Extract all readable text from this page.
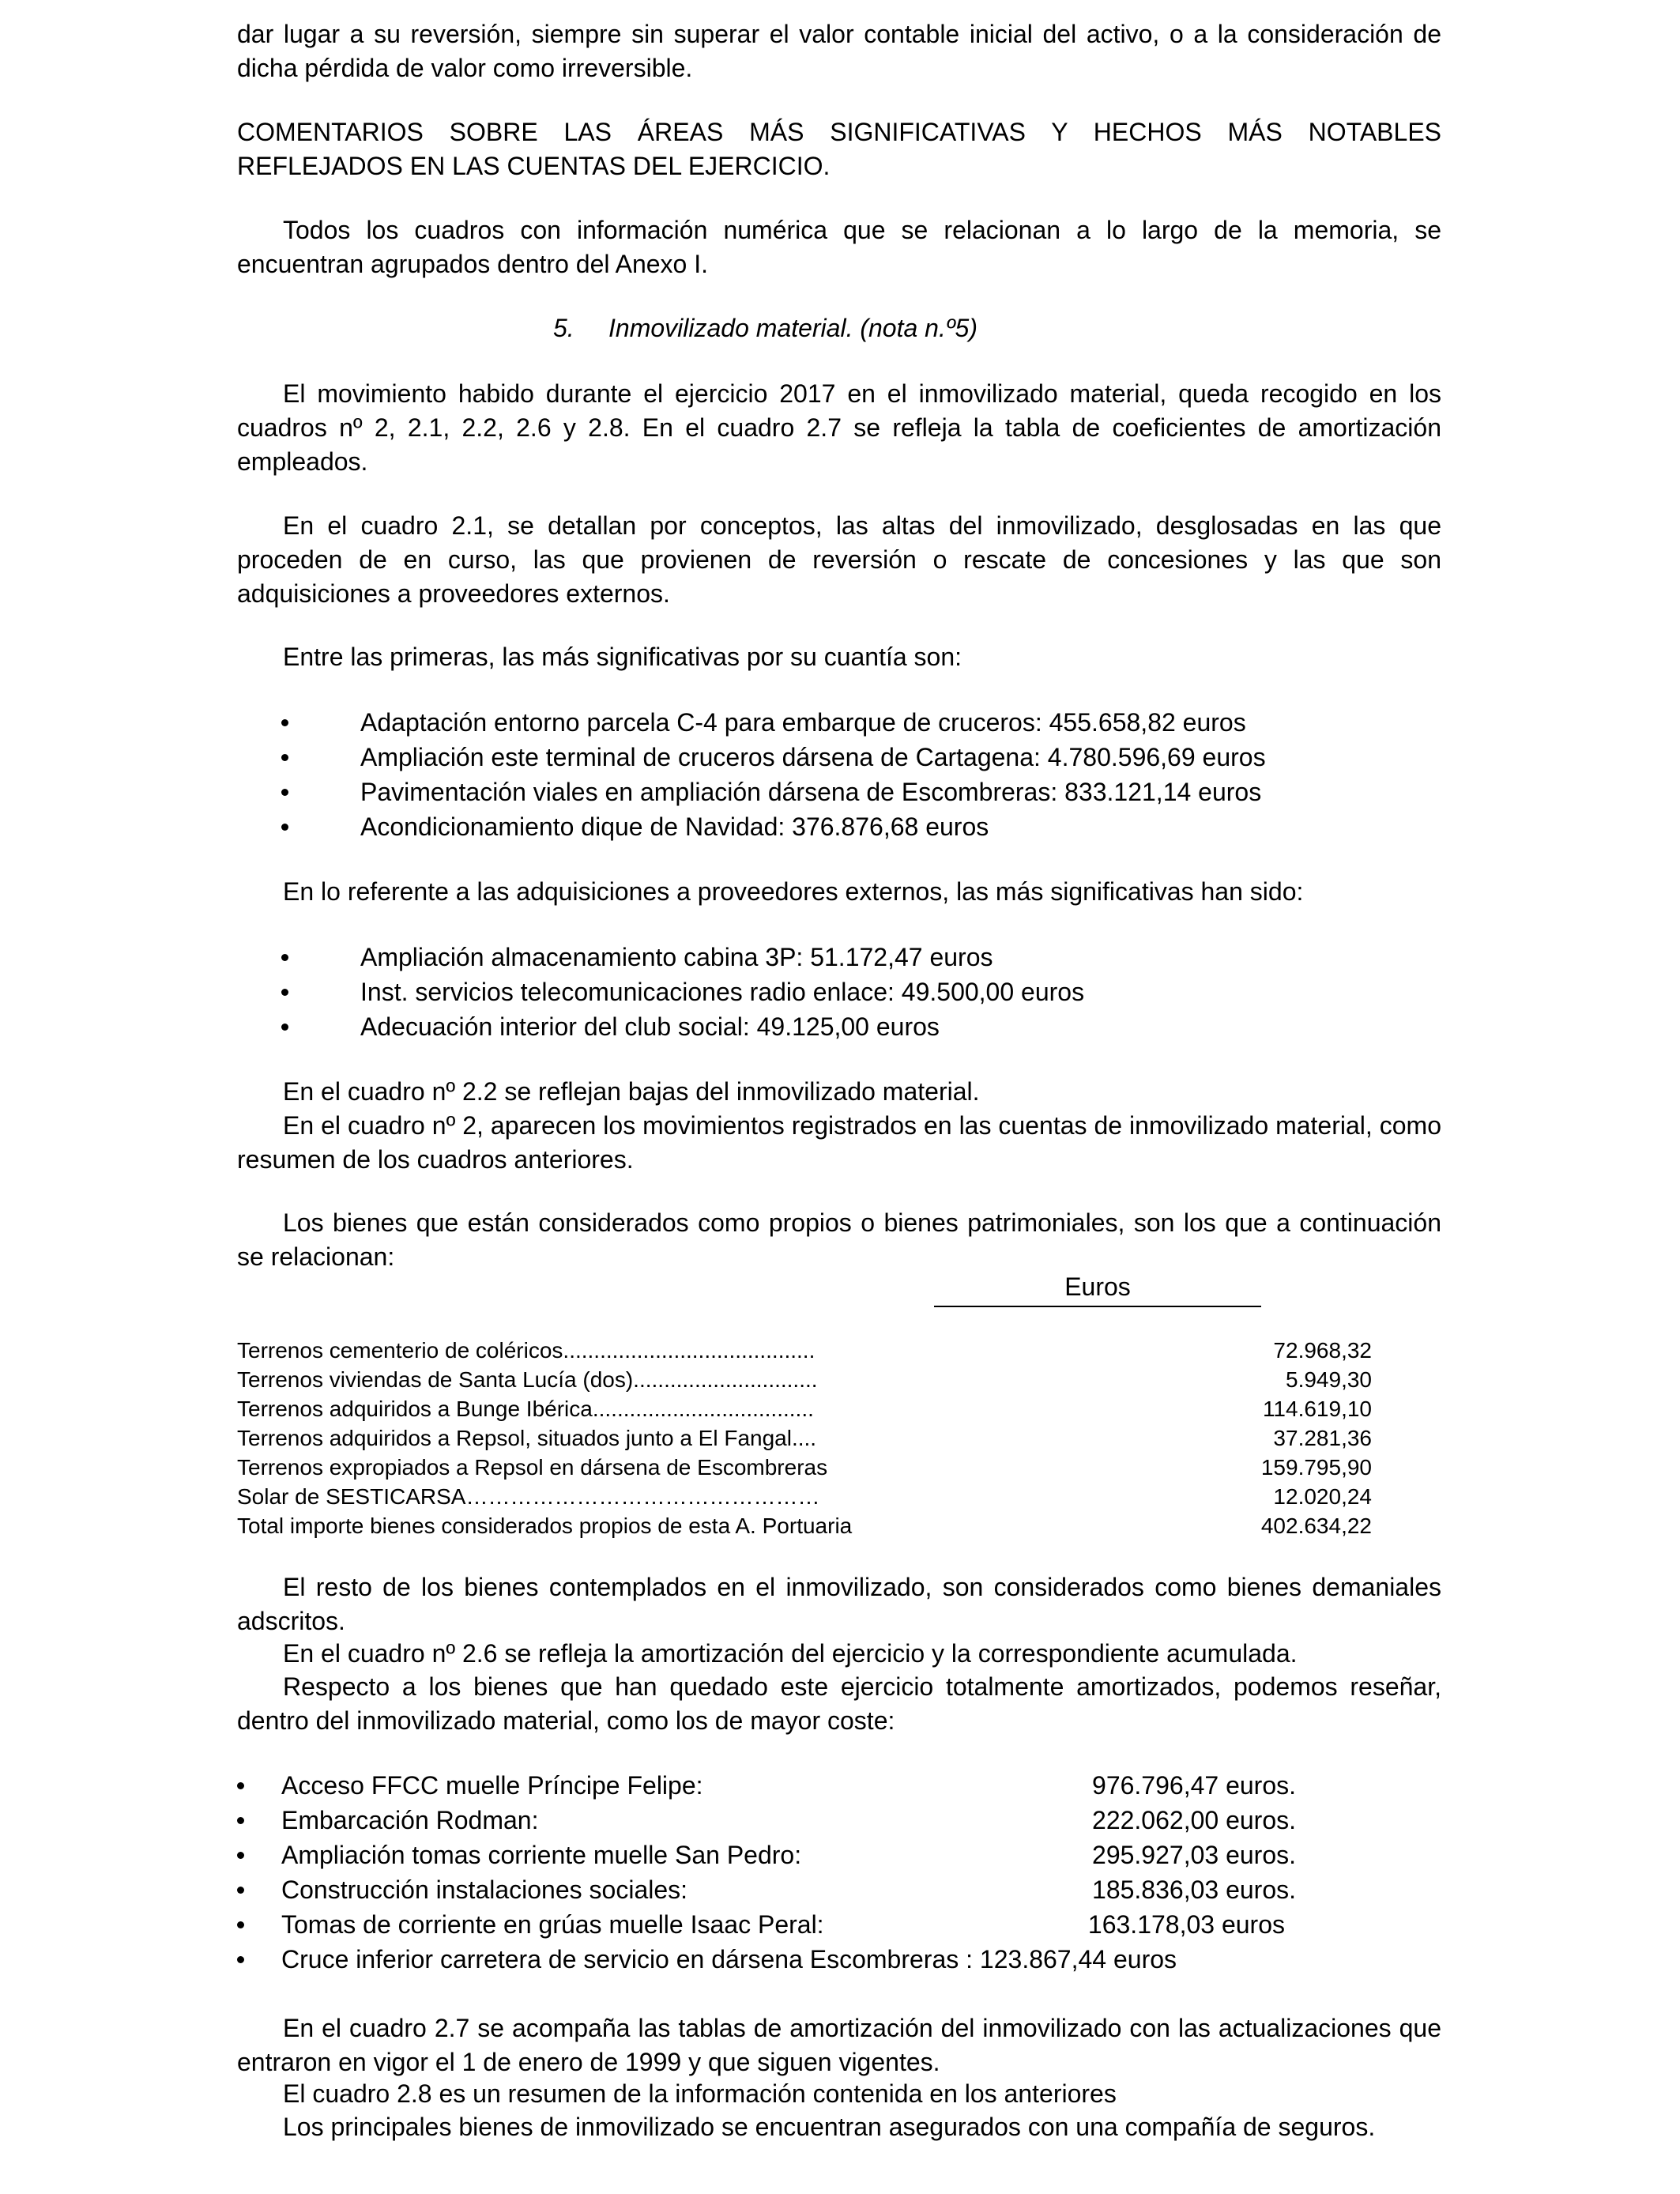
dar lugar a su reversión, siempre sin superar el valor contable inicial del activo, o a la consideración de dicha pérdida de valor como irreversible.

COMENTARIOS SOBRE LAS ÁREAS MÁS SIGNIFICATIVAS Y HECHOS MÁS NOTABLES REFLEJADOS EN LAS CUENTAS DEL EJERCICIO.

Todos los cuadros con información numérica que se relacionan a lo largo de la memoria, se encuentran agrupados dentro del Anexo I.

5. Inmovilizado material. (nota n.º5)

El movimiento habido durante el ejercicio 2017 en el inmovilizado material, queda recogido en los cuadros nº 2, 2.1, 2.2, 2.6 y 2.8. En el cuadro 2.7 se refleja la tabla de coeficientes de amortización empleados.

En el cuadro 2.1, se detallan por conceptos, las altas del inmovilizado, desglosadas en las que proceden de en curso, las que provienen de reversión o rescate de concesiones y las que son adquisiciones a proveedores externos.

Entre las primeras, las más significativas por su cuantía son:

Adaptación entorno parcela C-4 para embarque de cruceros: 455.658,82 euros
Ampliación este terminal de cruceros dársena de Cartagena: 4.780.596,69 euros
Pavimentación viales en ampliación dársena de Escombreras: 833.121,14 euros
Acondicionamiento dique de Navidad: 376.876,68 euros

En lo referente a las adquisiciones a proveedores externos, las más significativas han sido:

Ampliación almacenamiento cabina 3P: 51.172,47 euros
Inst. servicios telecomunicaciones radio enlace: 49.500,00 euros
Adecuación interior del club social: 49.125,00 euros

En el cuadro nº 2.2 se reflejan bajas del inmovilizado material.

En el cuadro nº 2, aparecen los movimientos registrados en las cuentas de inmovilizado material, como resumen de los cuadros anteriores.

Los bienes que están considerados como propios o bienes patrimoniales, son los que a continuación se relacionan:

Euros
Terrenos cementerio de coléricos.........................................	72.968,32
Terrenos viviendas de Santa Lucía (dos)..............................	5.949,30
Terrenos adquiridos a Bunge Ibérica....................................	114.619,10
Terrenos adquiridos a Repsol, situados junto a El Fangal....	37.281,36
Terrenos expropiados a Repsol en dársena de Escombreras	159.795,90
Solar de SESTICARSA…………………………………………	12.020,24
Total importe bienes considerados propios de esta A. Portuaria	402.634,22

El resto de los bienes contemplados en el inmovilizado, son considerados como bienes demaniales adscritos.

En el cuadro nº 2.6 se refleja la amortización del ejercicio y la correspondiente acumulada.

Respecto a los bienes que han quedado este ejercicio totalmente amortizados, podemos reseñar, dentro del inmovilizado material, como los de mayor coste:

Acceso FFCC muelle Príncipe Felipe:	976.796,47 euros.
Embarcación Rodman:	222.062,00 euros.
Ampliación tomas corriente muelle San Pedro:	295.927,03 euros.
Construcción instalaciones sociales:	185.836,03 euros.
Tomas de corriente en grúas muelle Isaac Peral:	163.178,03 euros
Cruce inferior carretera de servicio en dársena Escombreras : 123.867,44 euros

En el cuadro 2.7 se acompaña las tablas de amortización del inmovilizado con las actualizaciones que entraron en vigor el 1 de enero de 1999 y que siguen vigentes.

El cuadro 2.8 es un resumen de la información contenida en los anteriores

Los principales bienes de inmovilizado se encuentran asegurados con una compañía de seguros.
